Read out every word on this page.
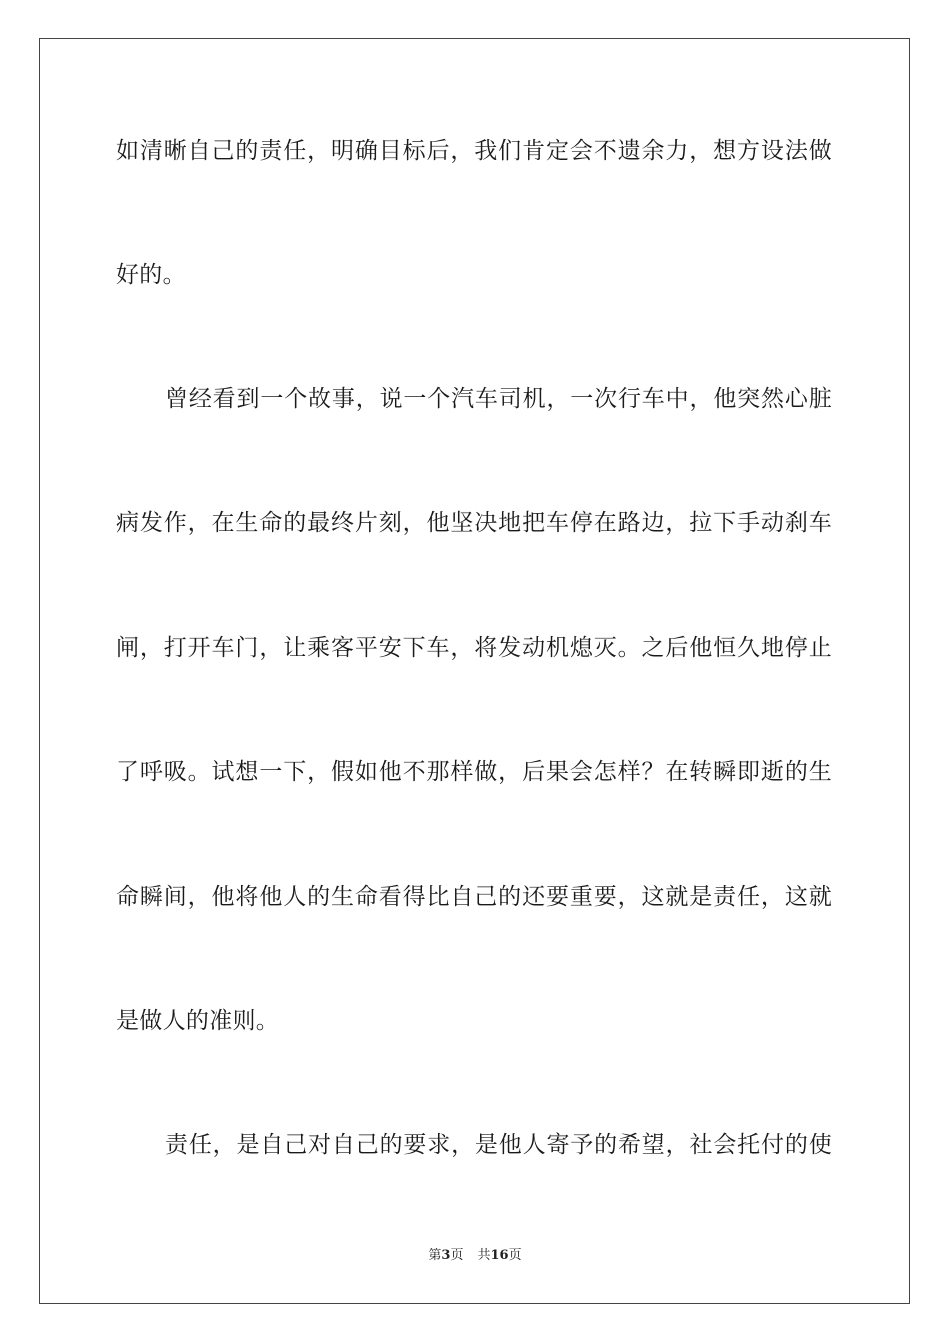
如清晰自己的责任，明确目标后，我们肯定会不遗余力，想方设法做
好的。
曾经看到一个故事，说一个汽车司机，一次行车中，他突然心脏
病发作，在生命的最终片刻，他坚决地把车停在路边，拉下手动刹车
闸，打开车门，让乘客平安下车，将发动机熄灭。之后他恒久地停止
了呼吸。试想一下，假如他不那样做，后果会怎样？在转瞬即逝的生
命瞬间，他将他人的生命看得比自己的还要重要，这就是责任，这就
是做人的准则。
责任，是自己对自己的要求，是他人寄予的希望，社会托付的使
第3页 共16页
